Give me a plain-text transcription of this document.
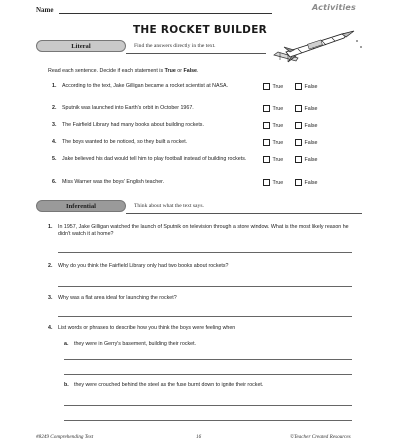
Name	Activities
THE ROCKET BUILDER
Literal	Find the answers directly in the text.
Read each sentence. Decide if each statement is True or False.
1.	According to the text, Jake Gilligan became a rocket scientist at NASA.	True	False
2.	Sputnik was launched into Earth's orbit in October 1967.	True	False
3.	The Fairfield Library had many books about building rockets.	True	False
4.	The boys wanted to be noticed, so they built a rocket.	True	False
5.	Jake believed his dad would tell him to play football instead of building rockets.	True	False
6.	Miss Warner was the boys' English teacher.	True	False
Inferential	Think about what the text says.
1.	In 1957, Jake Gilligan watched the launch of Sputnik on television through a store window. What is the most likely reason he didn't watch it at home?
2.	Why do you think the Fairfield Library only had two books about rockets?
3.	Why was a flat area ideal for launching the rocket?
4.	List words or phrases to describe how you think the boys were feeling when
a.	they were in Gerry's basement, building their rocket.
b. they were crouched behind the steel as the fuse burnt down to ignite their rocket.
#8249 Comprehending Text	16	©Teacher Created Resources
